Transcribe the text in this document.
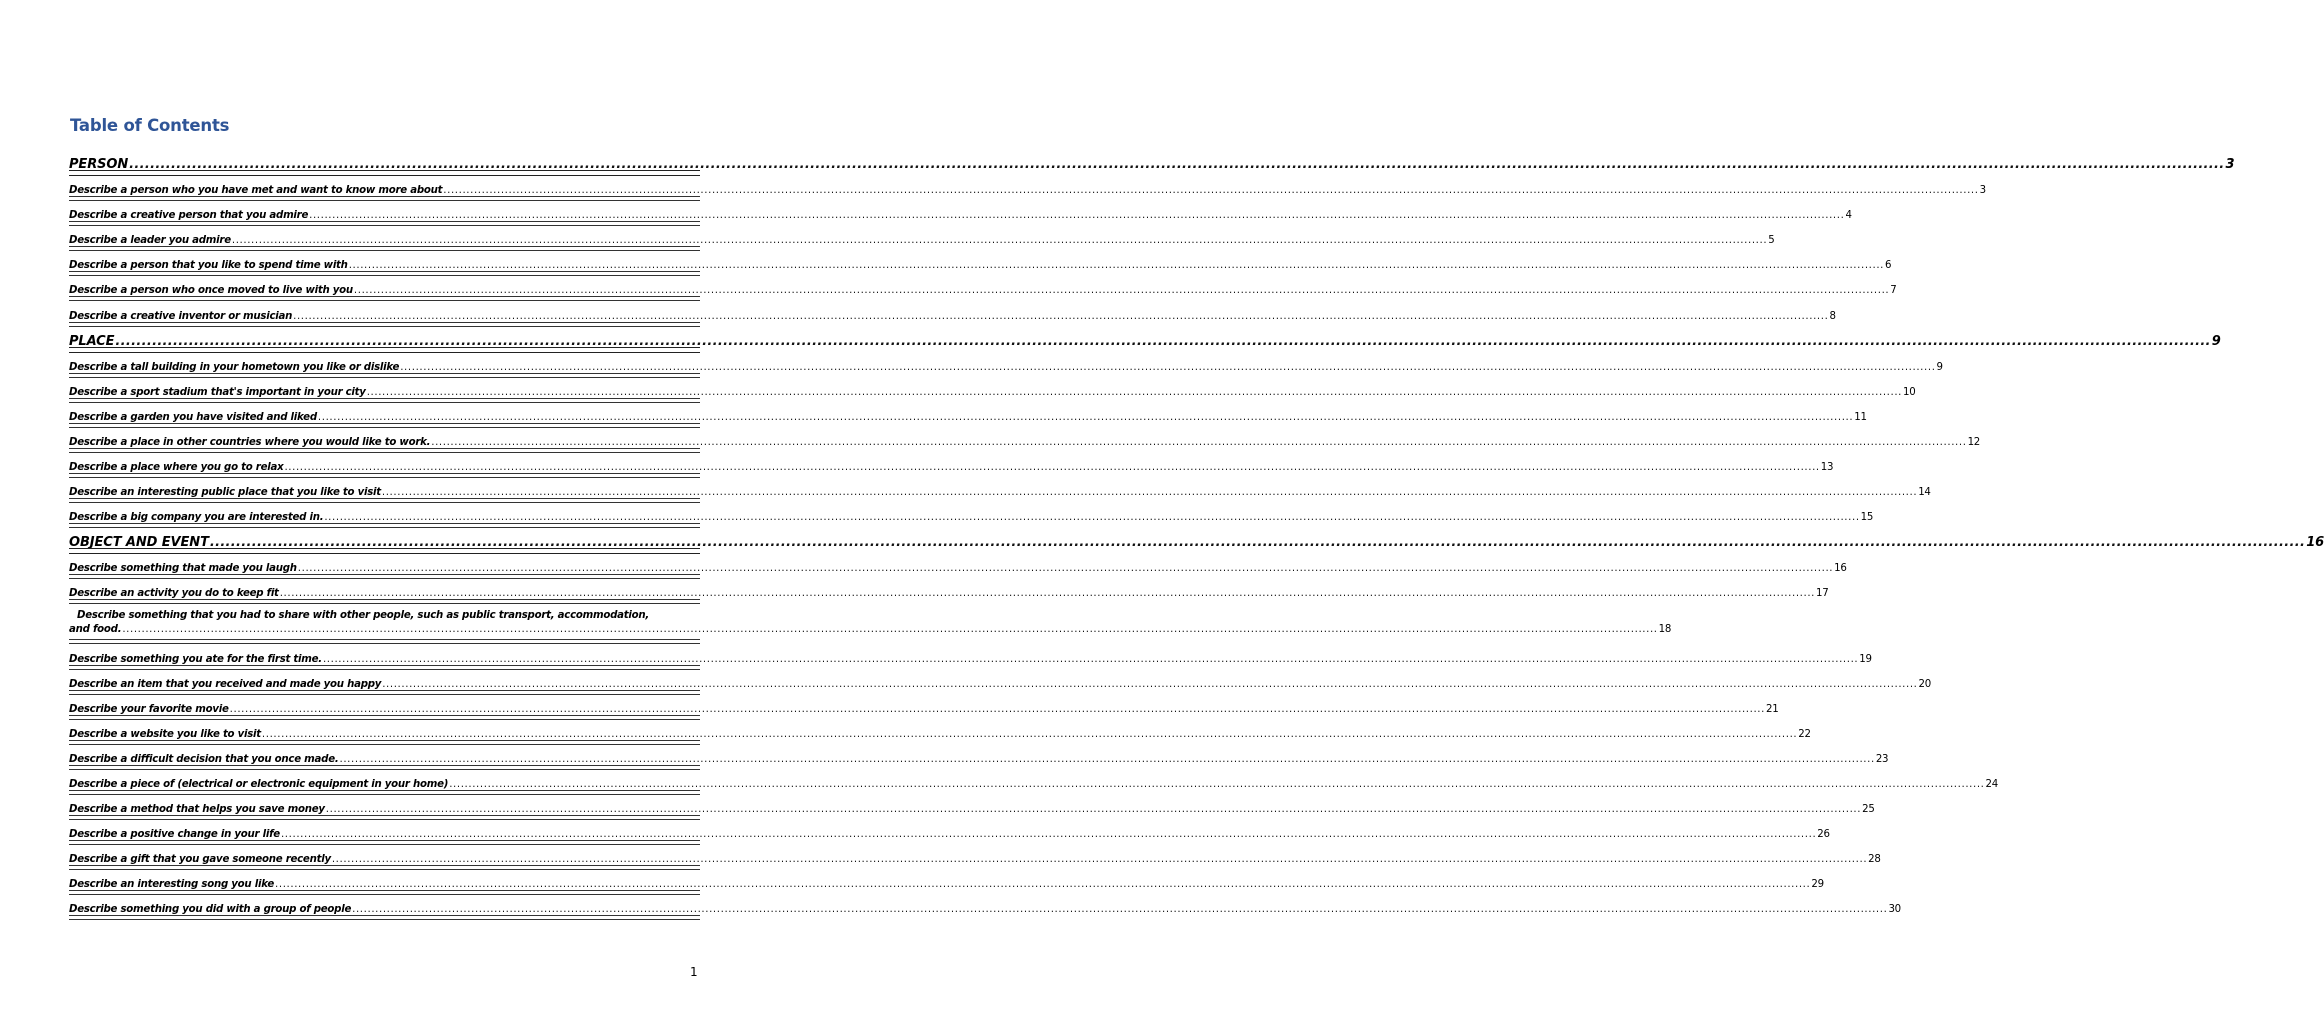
Table of Contents
PERSON ................................................................................................................................................................................................................................................................................................................................................................................................................ 3
Describe a person who you have met and want to know more about ................................................................................................................................................................................................................................................................................................................................................................................................................ 3
Describe a creative person that you admire ................................................................................................................................................................................................................................................................................................................................................................................................................ 4
Describe a leader you admire ................................................................................................................................................................................................................................................................................................................................................................................................................ 5
Describe a person that you like to spend time with ................................................................................................................................................................................................................................................................................................................................................................................................................ 6
Describe a person who once moved to live with you ................................................................................................................................................................................................................................................................................................................................................................................................................ 7
Describe a creative inventor or musician ................................................................................................................................................................................................................................................................................................................................................................................................................ 8
PLACE ................................................................................................................................................................................................................................................................................................................................................................................................................ 9
Describe a tall building in your hometown you like or dislike ................................................................................................................................................................................................................................................................................................................................................................................................................ 9
Describe a sport stadium that's important in your city ................................................................................................................................................................................................................................................................................................................................................................................................................ 10
Describe a garden you have visited and liked ................................................................................................................................................................................................................................................................................................................................................................................................................ 11
Describe a place in other countries where you would like to work. ................................................................................................................................................................................................................................................................................................................................................................................................................ 12
Describe a place where you go to relax ................................................................................................................................................................................................................................................................................................................................................................................................................ 13
Describe an interesting public place that you like to visit ................................................................................................................................................................................................................................................................................................................................................................................................................ 14
Describe a big company you are interested in. ................................................................................................................................................................................................................................................................................................................................................................................................................ 15
OBJECT AND EVENT ................................................................................................................................................................................................................................................................................................................................................................................................................ 16
Describe something that made you laugh ................................................................................................................................................................................................................................................................................................................................................................................................................ 16
Describe an activity you do to keep fit ................................................................................................................................................................................................................................................................................................................................................................................................................ 17
Describe something that you had to share with other people, such as public transport, accommodation,
and food. ................................................................................................................................................................................................................................................................................................................................................................................................................ 18
Describe something you ate for the first time. ................................................................................................................................................................................................................................................................................................................................................................................................................ 19
Describe an item that you received and made you happy ................................................................................................................................................................................................................................................................................................................................................................................................................ 20
Describe your favorite movie ................................................................................................................................................................................................................................................................................................................................................................................................................ 21
Describe a website you like to visit ................................................................................................................................................................................................................................................................................................................................................................................................................ 22
Describe a difficult decision that you once made. ................................................................................................................................................................................................................................................................................................................................................................................................................ 23
Describe a piece of (electrical or electronic equipment in your home) ................................................................................................................................................................................................................................................................................................................................................................................................................ 24
Describe a method that helps you save money ................................................................................................................................................................................................................................................................................................................................................................................................................ 25
Describe a positive change in your life ................................................................................................................................................................................................................................................................................................................................................................................................................ 26
Describe a gift that you gave someone recently ................................................................................................................................................................................................................................................................................................................................................................................................................ 28
Describe an interesting song you like ................................................................................................................................................................................................................................................................................................................................................................................................................ 29
Describe something you did with a group of people ................................................................................................................................................................................................................................................................................................................................................................................................................ 30
1
